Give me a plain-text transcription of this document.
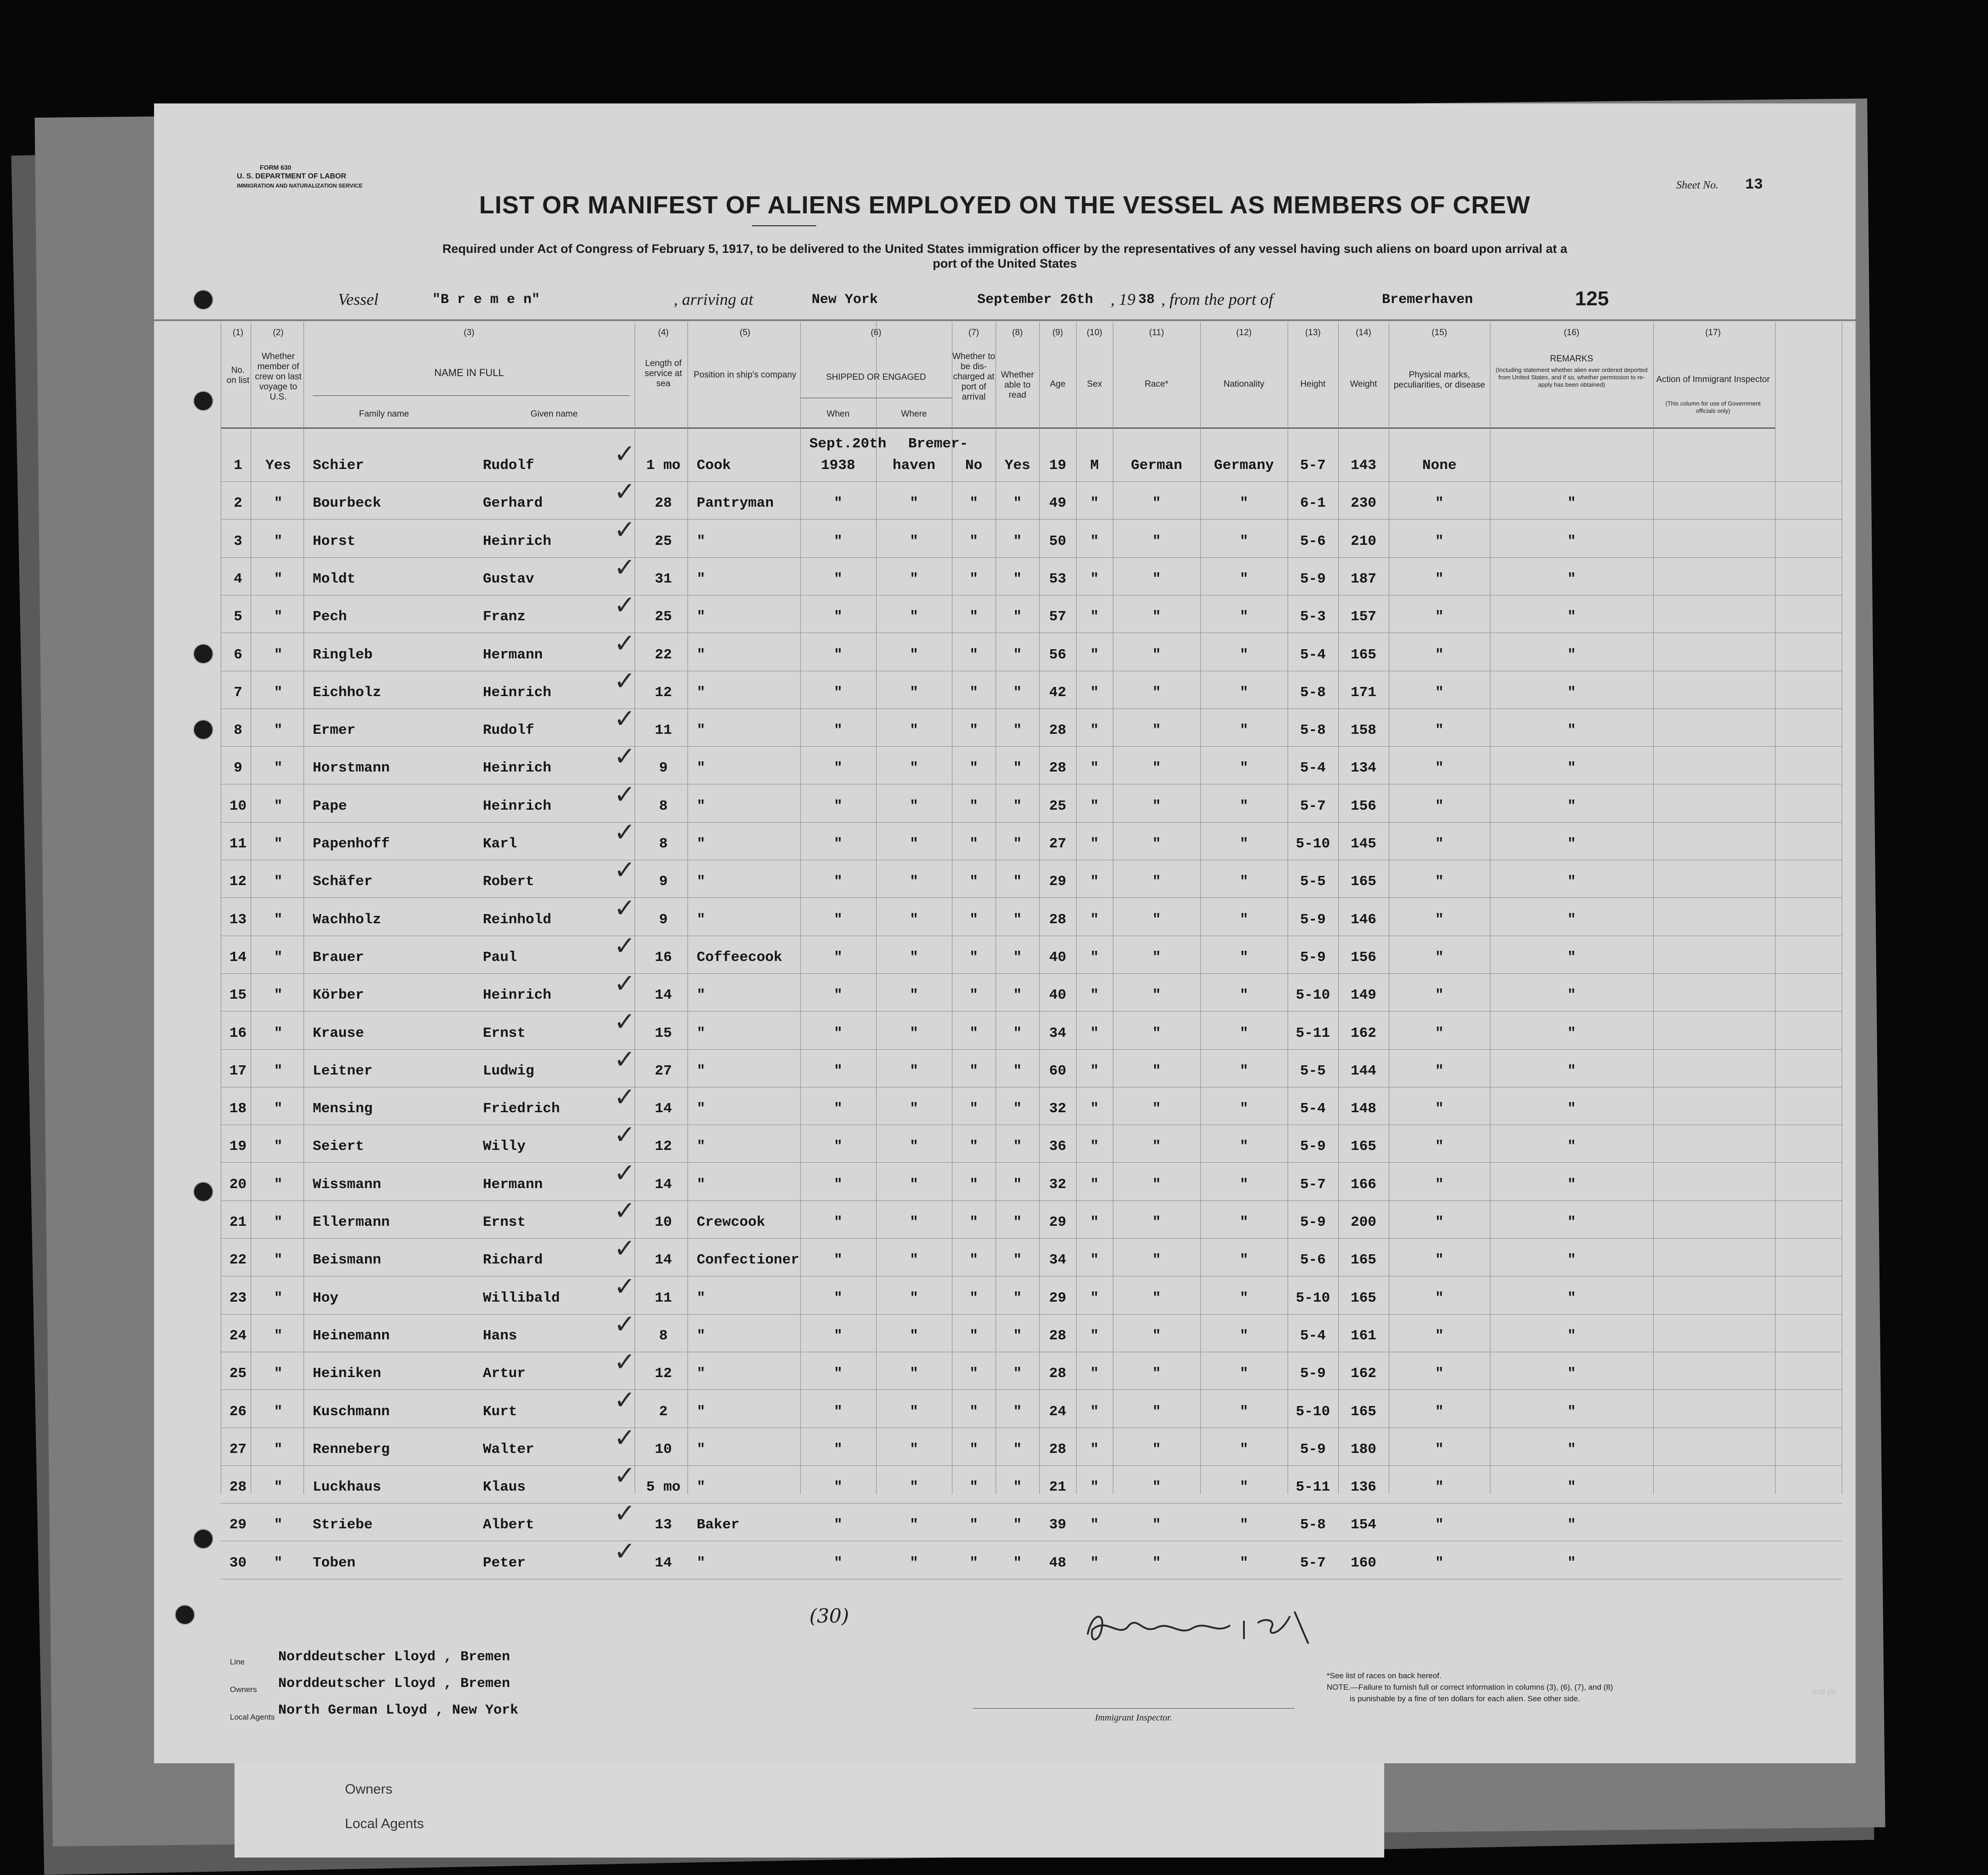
Owners
Local Agents
FORM 630
U. S. DEPARTMENT OF LABOR
IMMIGRATION AND NATURALIZATION SERVICE	Sheet No. 13
LIST OR MANIFEST OF ALIENS EMPLOYED ON THE VESSEL AS MEMBERS OF CREW
Required under Act of Congress of February 5, 1917, to be delivered to the United States immigration officer by the representatives of any vessel having such aliens on board upon arrival at a
port of the United States
Vessel	"B r e m e n"	, arriving at	New York	September 26th , 19 38 , from the port of	Bremerhaven	125
(1)	(2)	(3)	(4)	(5)	(6)	(7)	(8)	(9)	(10)	(11)	(12)	(13)	(14)	(15)	(16)	(17)
No. on list
Whether member of crew on last voyage to U.S.
NAME IN FULL
Family name	Given name
Length of service at sea
Position in ship's company	SHIPPED OR ENGAGED
When	Where
Whether to be dis-charged at port of arrival
Whether able to read
Age	Sex	Race*	Nationality	Height	Weight
Physical marks, peculiarities, or disease
REMARKS
(Including statement whether alien ever ordered deported from United States, and if so, whether permission to re-apply has been obtained)
Action of Immigrant Inspector
(This column for use of Government officials only)
Sept.20th Bremer-
1	Yes	Schier	Rudolf	1 mo	Cook	1938	haven	No	Yes	19	M	German	Germany	5-7	143	None
✓
2	"	Bourbeck	Gerhard	28	Pantryman	"	"	"	"	49	"	"	"	6-1	230	"	"
✓
3	"	Horst	Heinrich	25	"	"	"	"	"	50	"	"	"	5-6	210	"	"
✓
4	"	Moldt	Gustav	31	"	"	"	"	"	53	"	"	"	5-9	187	"	"
✓
5	"	Pech	Franz	25	"	"	"	"	"	57	"	"	"	5-3	157	"	"
✓
6	"	Ringleb	Hermann	22	"	"	"	"	"	56	"	"	"	5-4	165	"	"
✓
7	"	Eichholz	Heinrich	12	"	"	"	"	"	42	"	"	"	5-8	171	"	"
✓
8	"	Ermer	Rudolf	11	"	"	"	"	"	28	"	"	"	5-8	158	"	"
✓
9	"	Horstmann	Heinrich	9	"	"	"	"	"	28	"	"	"	5-4	134	"	"
✓
10	"	Pape	Heinrich	8	"	"	"	"	"	25	"	"	"	5-7	156	"	"
✓
11	"	Papenhoff	Karl	8	"	"	"	"	"	27	"	"	"	5-10	145	"	"
✓
12	"	Schäfer	Robert	9	"	"	"	"	"	29	"	"	"	5-5	165	"	"
✓
13	"	Wachholz	Reinhold	9	"	"	"	"	"	28	"	"	"	5-9	146	"	"
✓
14	"	Brauer	Paul	16	Coffeecook	"	"	"	"	40	"	"	"	5-9	156	"	"
✓
15	"	Körber	Heinrich	14	"	"	"	"	"	40	"	"	"	5-10	149	"	"
✓
16	"	Krause	Ernst	15	"	"	"	"	"	34	"	"	"	5-11	162	"	"
✓
17	"	Leitner	Ludwig	27	"	"	"	"	"	60	"	"	"	5-5	144	"	"
✓
18	"	Mensing	Friedrich	14	"	"	"	"	"	32	"	"	"	5-4	148	"	"
✓
19	"	Seiert	Willy	12	"	"	"	"	"	36	"	"	"	5-9	165	"	"
✓
20	"	Wissmann	Hermann	14	"	"	"	"	"	32	"	"	"	5-7	166	"	"
✓
21	"	Ellermann	Ernst	10	Crewcook	"	"	"	"	29	"	"	"	5-9	200	"	"
✓
22	"	Beismann	Richard	14	Confectioner	"	"	"	"	34	"	"	"	5-6	165	"	"
✓
23	"	Hoy	Willibald	11	"	"	"	"	"	29	"	"	"	5-10	165	"	"
✓
24	"	Heinemann	Hans	8	"	"	"	"	"	28	"	"	"	5-4	161	"	"
✓
25	"	Heiniken	Artur	12	"	"	"	"	"	28	"	"	"	5-9	162	"	"
✓
26	"	Kuschmann	Kurt	2	"	"	"	"	"	24	"	"	"	5-10	165	"	"
✓
27	"	Renneberg	Walter	10	"	"	"	"	"	28	"	"	"	5-9	180	"	"
✓
28	"	Luckhaus	Klaus	5 mo	"	"	"	"	"	21	"	"	"	5-11	136	"	"
✓
29	"	Striebe	Albert	13	Baker	"	"	"	"	39	"	"	"	5-8	154	"	"
✓
30	"	Toben	Peter	14	"	"	"	"	"	48	"	"	"	5-7	160	"	"
✓
(30)
Line Norddeutscher Lloyd , Bremen
Owners Norddeutscher Lloyd , Bremen
Local Agents North German Lloyd , New York	Immigrant Inspector.
*See list of races on back hereof.
NOTE.—Failure to furnish full or correct information in columns (3), (6), (7), and (8)
is punishable by a fine of ten dollars for each alien. See other side.
and (8)
